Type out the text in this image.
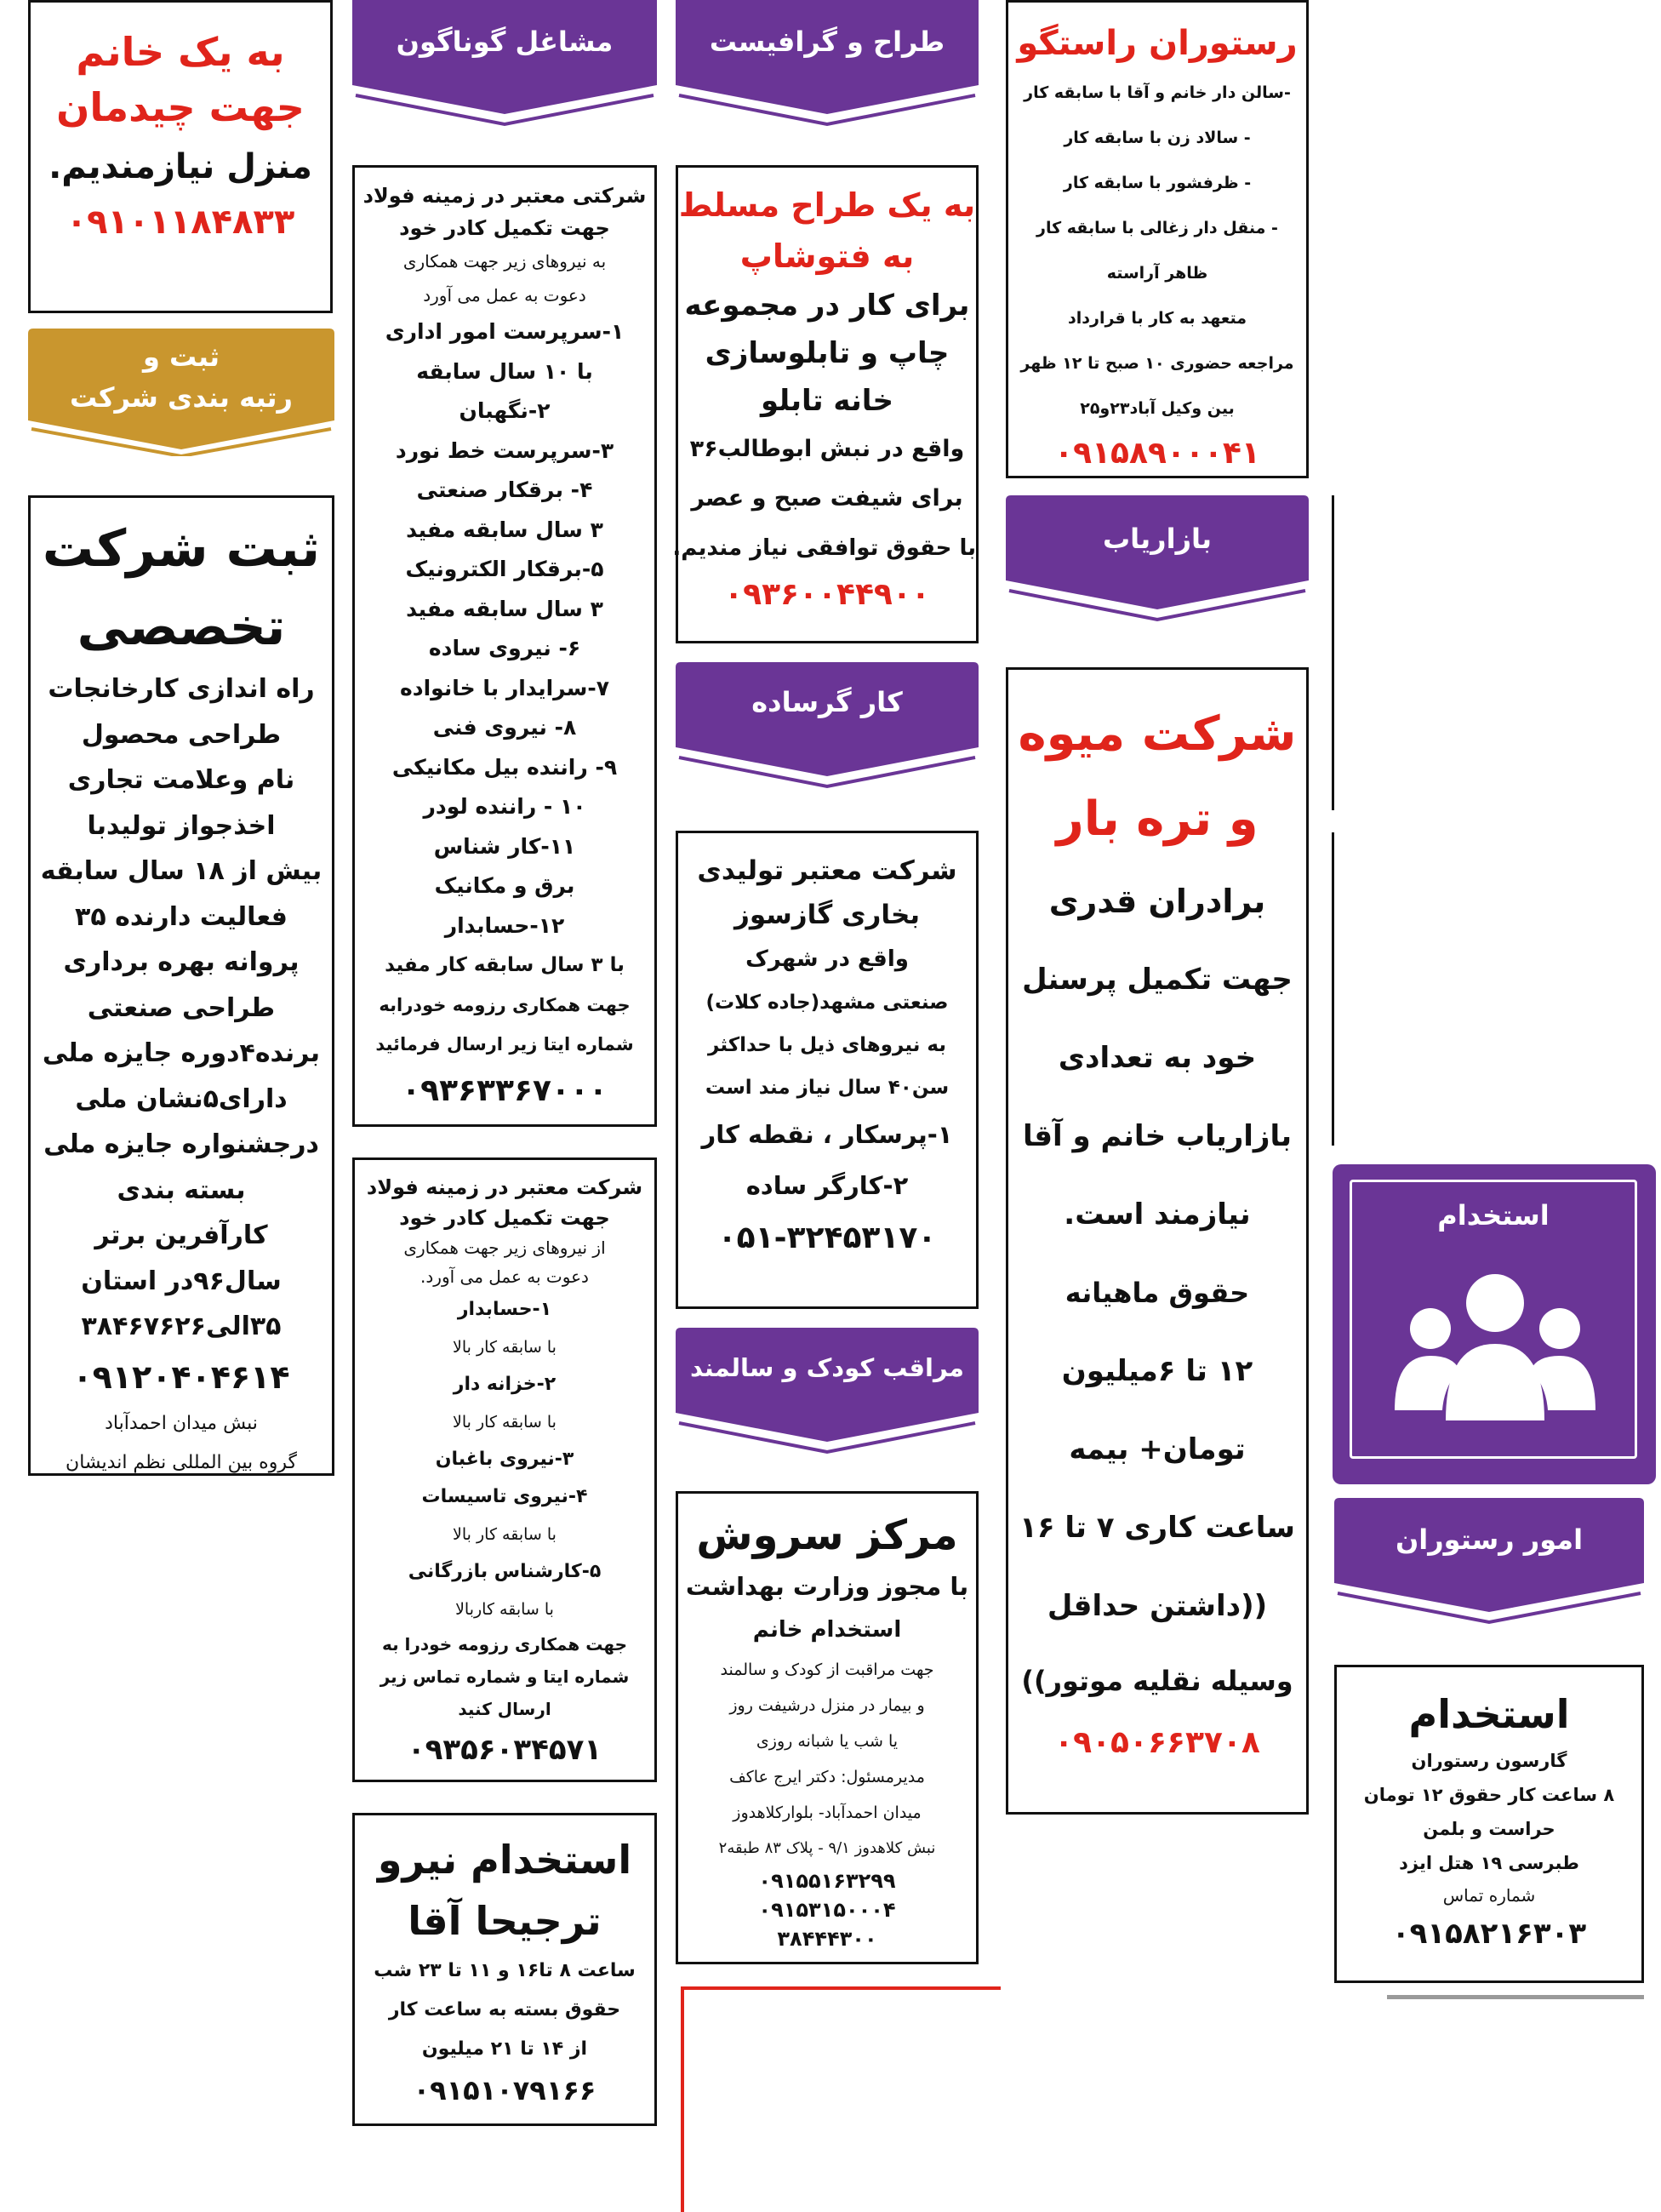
به یک خانم
جهت چیدمان
منزل نیازمندیم.
۰۹۱۰۱۱۸۴۸۳۳
ثبت و
رتبه بندی شرکت
ثبت شرکت
تخصصی
راه اندازی کارخانجات
طراحی محصول
نام وعلامت تجاری
اخذجواز تولیدبا
بیش از ۱۸ سال سابقه
فعالیت دارنده ۳۵
پروانه بهره برداری
طراحی صنعتی
برنده۴دوره جایزه ملی
دارای۵نشان ملی
درجشنواره جایزه ملی
بسته بندی
کارآفرین برتر
سال۹۶در استان
۳۵الی۳۸۴۶۷۶۲۶
۰۹۱۲۰۴۰۴۶۱۴
نبش میدان احمدآباد
گروه بین المللی نظم اندیشان
مشاغل گوناگون
شرکتی معتبر در زمینه فولاد
جهت تکمیل کادر خود
به نیروهای زیر جهت همکاری
دعوت به عمل می آورد
۱-سرپرست امور اداری
با ۱۰ سال سابقه
۲-نگهبان
۳-سرپرست خط نورد
۴- برقکار صنعتی
۳ سال سابقه مفید
۵-برقکار الکترونیک
۳ سال سابقه مفید
۶- نیروی ساده
۷-سرایدار با خانواده
۸- نیروی فنی
۹- راننده بیل مکانیکی
۱۰ - راننده لودر
۱۱-کار شناس
برق و مکانیک
۱۲-حسابدار
با ۳ سال سابقه کار مفید
جهت همکاری رزومه خودرابه
شماره ایتا زیر ارسال فرمائید
۰۹۳۶۳۳۶۷۰۰۰
شرکت معتبر در زمینه فولاد
جهت تکمیل کادر خود
از نیروهای زیر جهت همکاری
دعوت به عمل می آورد.
۱-حسابدار
با سابقه کار بالا
۲-خزانه دار
با سابقه کار بالا
۳-نیروی باغبان
۴-نیروی تاسیسات
با سابقه کار بالا
۵-کارشناس بازرگانی
با سابقه کاربالا
جهت همکاری رزومه خودرا به
شماره ایتا و شماره تماس زیر
ارسال کنید
۰۹۳۵۶۰۳۴۵۷۱
استخدام نیرو
ترجیحا آقا
ساعت ۸ تا۱۶ و ۱۱ تا ۲۳ شب
حقوق بسته به ساعت کار
از ۱۴ تا ۲۱ میلیون
۰۹۱۵۱۰۷۹۱۶۶
طراح و گرافیست
به یک طراح مسلط
به فتوشاپ
برای کار در مجموعه
چاپ و تابلوسازی
خانه تابلو
واقع در نبش ابوطالب۳۶
برای شیفت صبح و عصر
با حقوق توافقی نیاز مندیم.
۰۹۳۶۰۰۴۴۹۰۰
کار گرساده
شرکت معتبر تولیدی
بخاری گازسوز
واقع در شهرک
صنعتی مشهد(جاده کلات)
به نیروهای ذیل با حداکثر
سن۴۰ سال نیاز مند است
۱-پرسکار ، نقطه کار
۲-کارگر ساده
۰۵۱-۳۲۴۵۳۱۷۰
مراقب کودک و سالمند
مرکز سروش
با مجوز وزارت بهداشت
استخدام خانم
جهت مراقبت از کودک و سالمند
و بیمار در منزل درشیفت روز
یا شب یا شبانه روزی
مدیرمسئول: دکتر ایرج عاکف
میدان احمدآباد- بلوارکلاهدوز
نبش کلاهدوز ۹/۱ - پلاک ۸۳ طبقه۲
۰۹۱۵۵۱۶۳۲۹۹
۰۹۱۵۳۱۵۰۰۰۴
۳۸۴۴۴۳۰۰
رستوران راستگو
-سالن دار خانم و آقا با سابقه کار
- سالاد زن با سابقه کار
- ظرفشور با سابقه کار
- منقل دار زغالی با سابقه کار
ظاهر آراسته
متعهد به کار با قرارداد
مراجعه حضوری ۱۰ صبح تا ۱۲ ظهر
بین وکیل آباد۲۳و۲۵
۰۹۱۵۸۹۰۰۰۴۱
بازاریاب
شرکت میوه
و تره بار
برادران قدری
جهت تکمیل پرسنل
خود به تعدادی
بازاریاب خانم و آقا
نیازمند است.
حقوق ماهیانه
۱۲ تا ۶میلیون
تومان+ بیمه
ساعت کاری ۷ تا ۱۶
((داشتن حداقل
وسیله نقلیه موتور))
۰۹۰۵۰۶۶۳۷۰۸
استخدام
امور رستوران
استخدام
گارسون رستوران
۸ ساعت کار حقوق ۱۲ تومان
حراست و بلمن
طبرسی ۱۹ هتل ایزد
شماره تماس
۰۹۱۵۸۲۱۶۳۰۳
